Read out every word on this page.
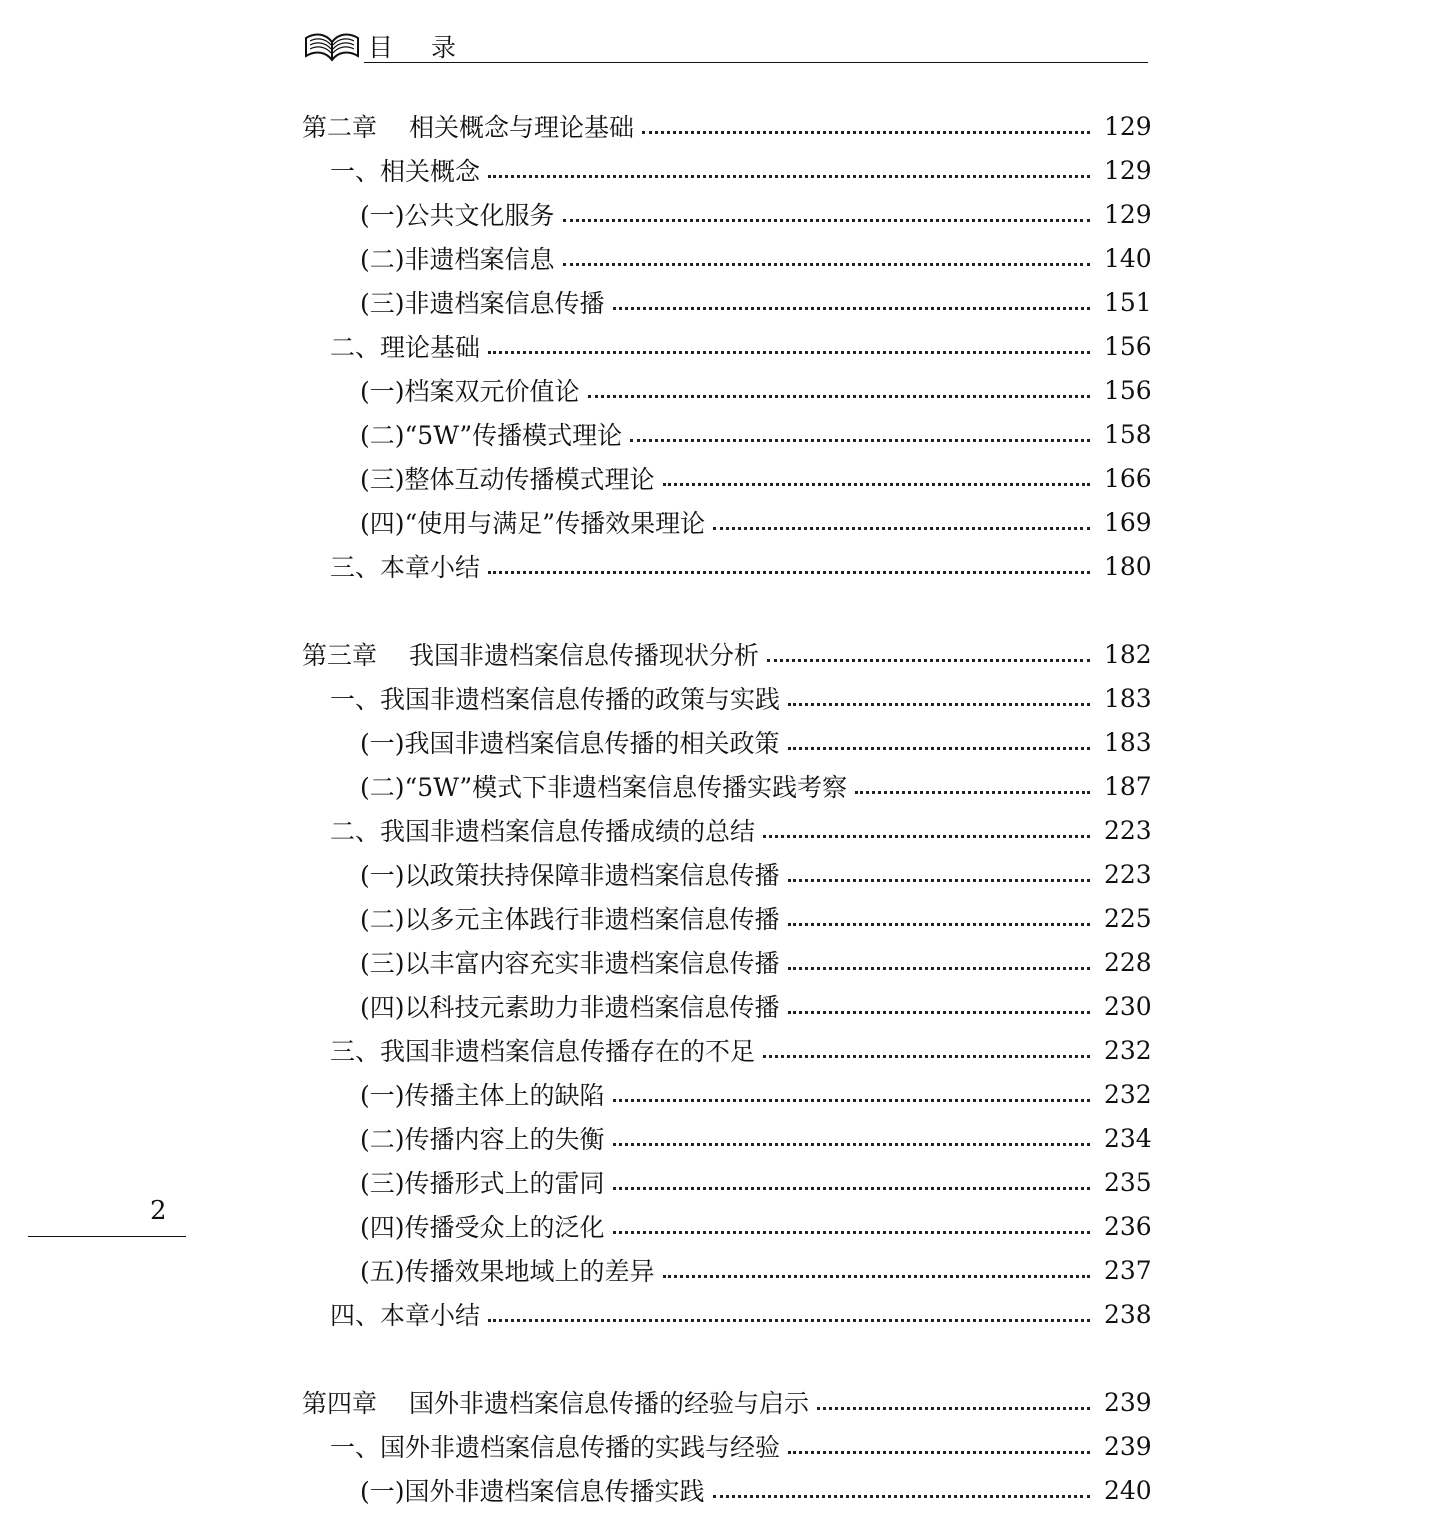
目录
第二章 相关概念与理论基础	129
一、相关概念	129
(一)公共文化服务	129
(二)非遗档案信息	140
(三)非遗档案信息传播	151
二、理论基础	156
(一)档案双元价值论	156
(二)“5W”传播模式理论	158
(三)整体互动传播模式理论	166
(四)“使用与满足”传播效果理论	169
三、本章小结	180
第三章 我国非遗档案信息传播现状分析	182
一、我国非遗档案信息传播的政策与实践	183
(一)我国非遗档案信息传播的相关政策	183
(二)“5W”模式下非遗档案信息传播实践考察	187
二、我国非遗档案信息传播成绩的总结	223
(一)以政策扶持保障非遗档案信息传播	223
(二)以多元主体践行非遗档案信息传播	225
(三)以丰富内容充实非遗档案信息传播	228
(四)以科技元素助力非遗档案信息传播	230
三、我国非遗档案信息传播存在的不足	232
(一)传播主体上的缺陷	232
(二)传播内容上的失衡	234
(三)传播形式上的雷同	235
(四)传播受众上的泛化	236
(五)传播效果地域上的差异	237
四、本章小结	238
第四章 国外非遗档案信息传播的经验与启示	239
一、国外非遗档案信息传播的实践与经验	239
(一)国外非遗档案信息传播实践	240
2
